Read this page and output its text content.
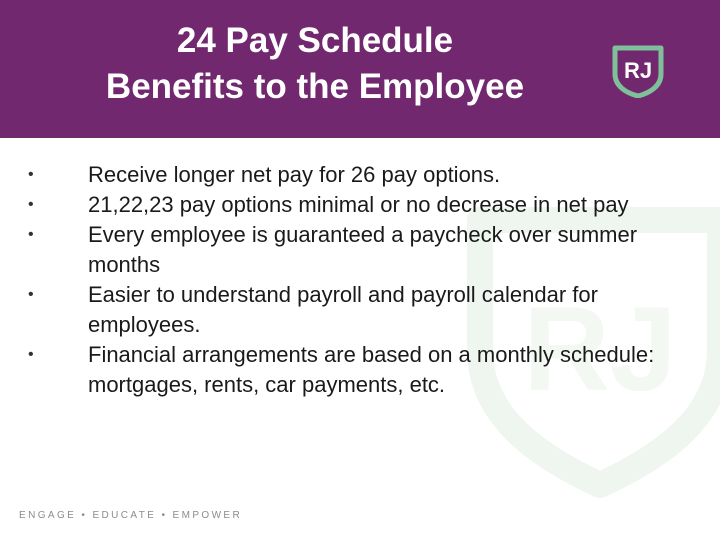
24 Pay Schedule
Benefits to the Employee	RJ
RJ
• Receive longer net pay for 26 pay options.
• 21,22,23 pay options minimal or no decrease in net pay
• Every employee is guaranteed a paycheck over summer months
• Easier to understand payroll and payroll calendar for employees.
• Financial arrangements are based on a monthly schedule: mortgages, rents, car payments, etc.
ENGAGE • EDUCATE • EMPOWER
